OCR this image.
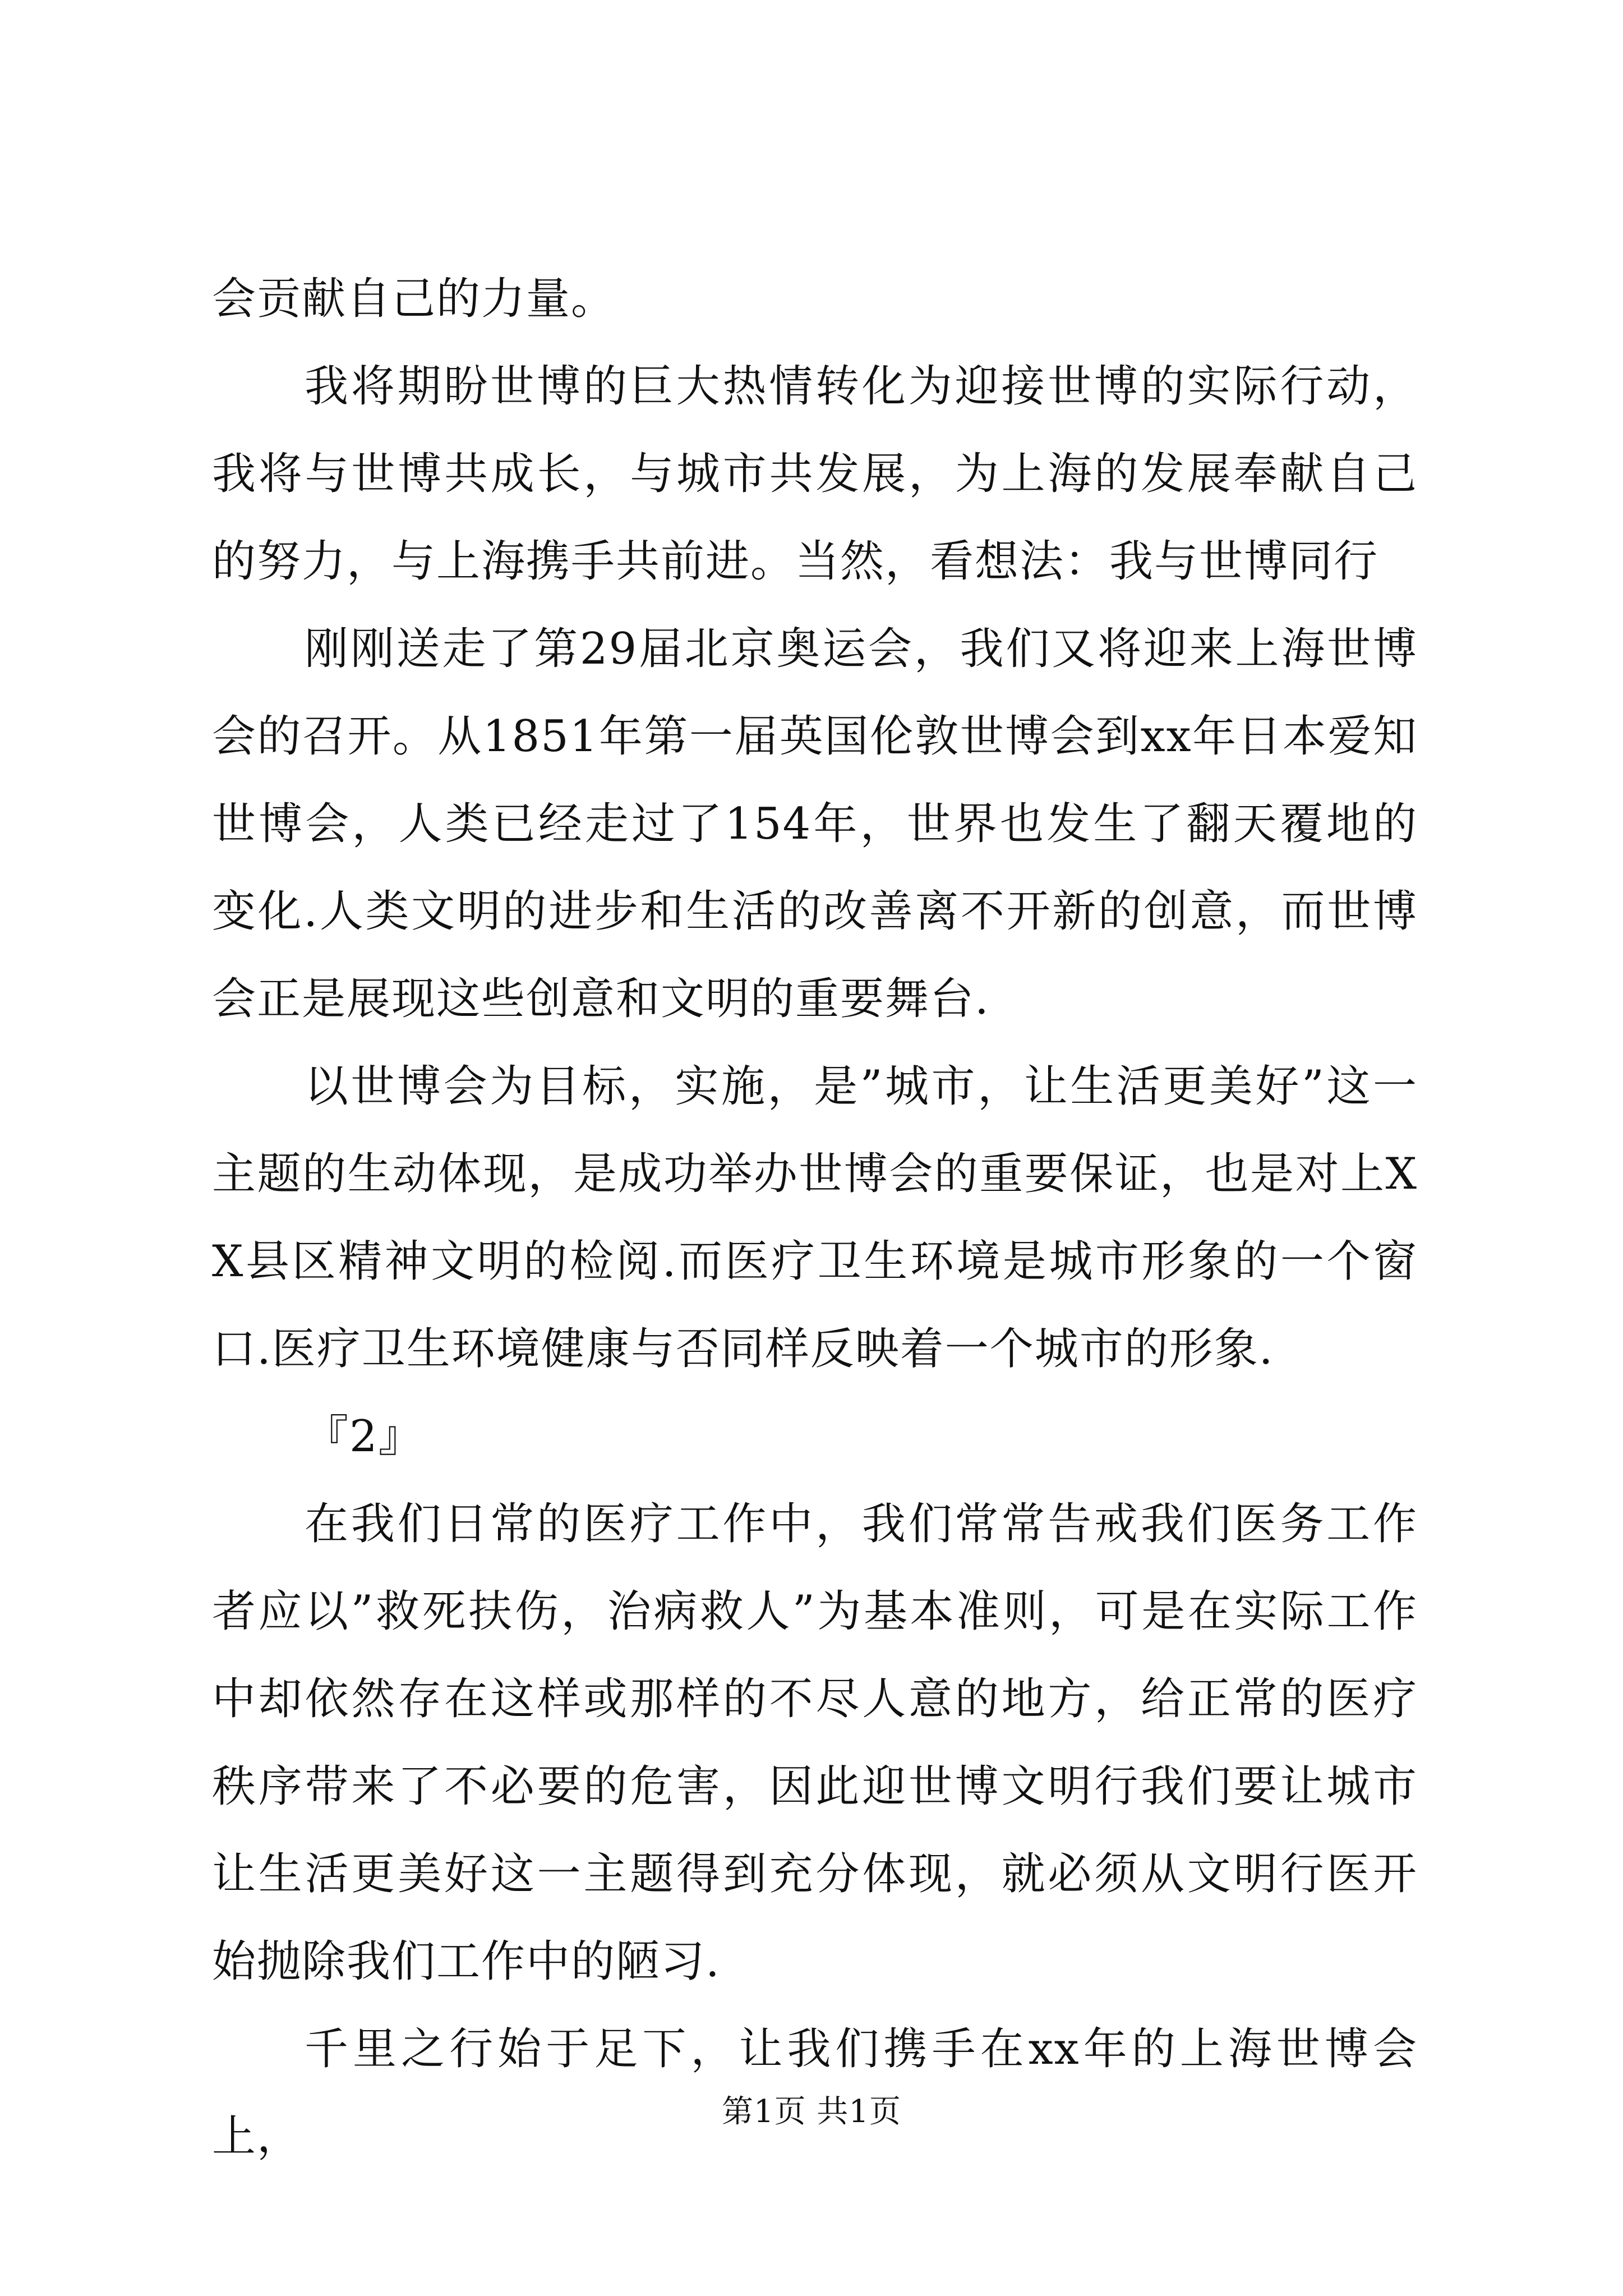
会贡献自己的力量。

我将期盼世博的巨大热情转化为迎接世博的实际行动，我将与世博共成长，与城市共发展，为上海的发展奉献自己的努力，与上海携手共前进。当然，看想法：我与世博同行

刚刚送走了第29届北京奥运会，我们又将迎来上海世博会的召开。从1851年第一届英国伦敦世博会到xx年日本爱知世博会，人类已经走过了154年，世界也发生了翻天覆地的变化.人类文明的进步和生活的改善离不开新的创意，而世博会正是展现这些创意和文明的重要舞台.

以世博会为目标，实施，是”城市，让生活更美好”这一主题的生动体现，是成功举办世博会的重要保证，也是对上XX县区精神文明的检阅.而医疗卫生环境是城市形象的一个窗口.医疗卫生环境健康与否同样反映着一个城市的形象.

『2』

在我们日常的医疗工作中，我们常常告戒我们医务工作者应以”救死扶伤，治病救人”为基本准则，可是在实际工作中却依然存在这样或那样的不尽人意的地方，给正常的医疗秩序带来了不必要的危害，因此迎世博文明行我们要让城市让生活更美好这一主题得到充分体现，就必须从文明行医开始抛除我们工作中的陋习.

千里之行始于足下，让我们携手在xx年的上海世博会上，	第1页 共1页
